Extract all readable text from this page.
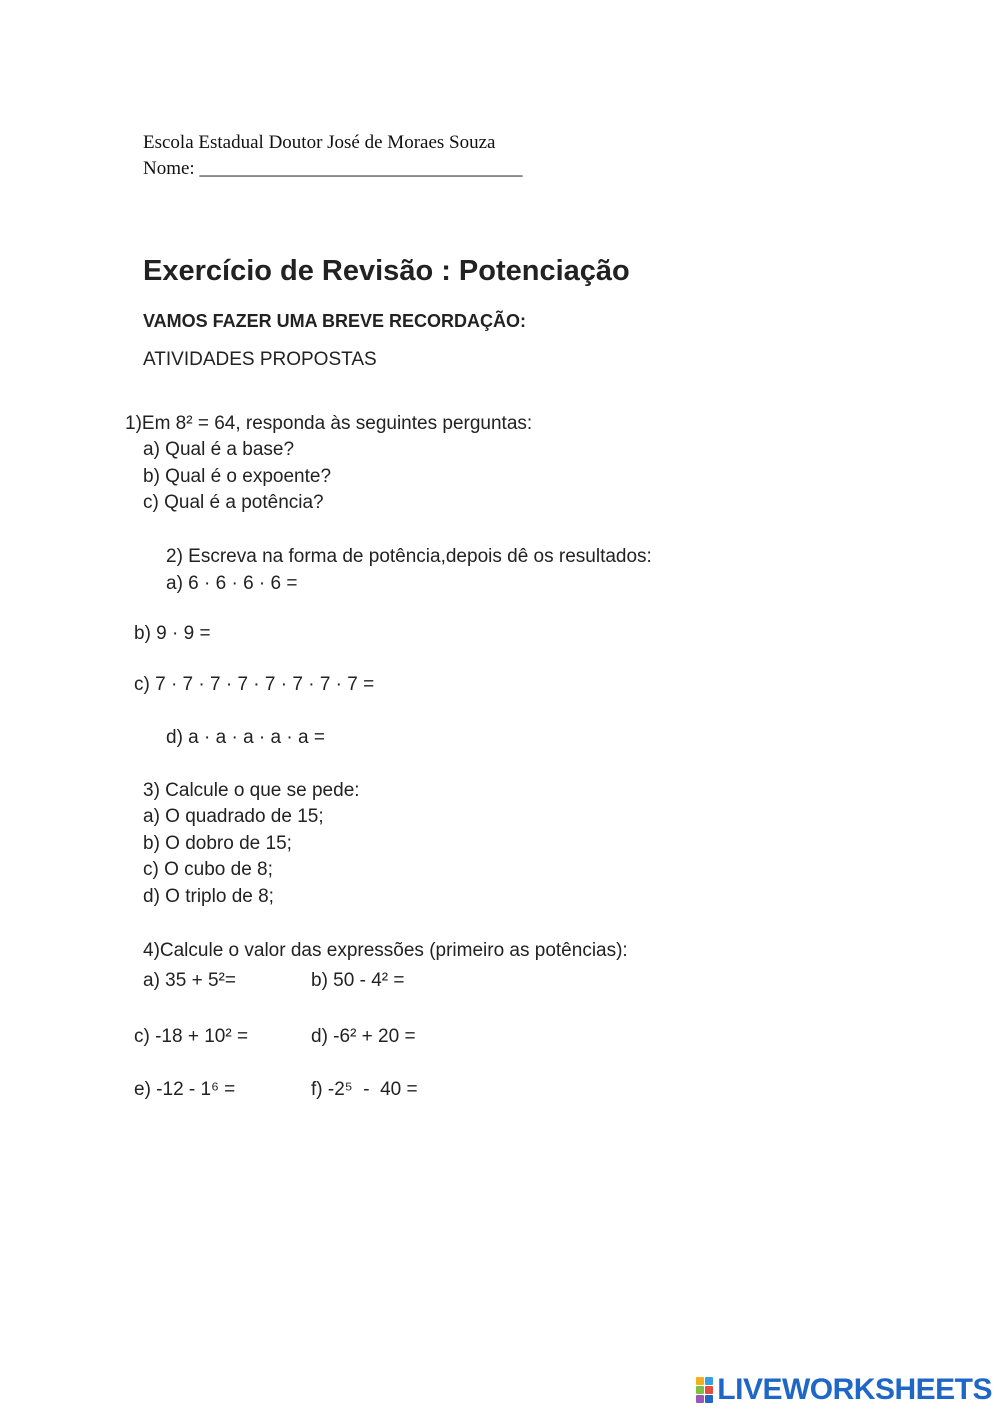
Escola Estadual Doutor José de Moraes Souza
Nome: __________________________________
Exercício de Revisão : Potenciação
VAMOS FAZER UMA BREVE RECORDAÇÃO:
ATIVIDADES PROPOSTAS
1)Em 8² = 64, responda às seguintes perguntas:
a) Qual é a base?
b) Qual é o expoente?
c) Qual é a potência?
2) Escreva na forma de potência,depois dê os resultados:
a) 6 · 6 · 6 · 6 =
b) 9 · 9 =
c) 7 · 7 · 7 · 7 · 7 · 7 · 7 · 7 =
d) a · a · a · a · a =
3) Calcule o que se pede:
a) O quadrado de 15;
b) O dobro de 15;
c) O cubo de 8;
d) O triplo de 8;
4)Calcule o valor das expressões (primeiro as potências):
a) 35 + 5²=	b) 50 - 4² =
c) -18 + 10² =	d) -6² + 20 =
e) -12 - 1⁶ =	f) -2⁵  -  40 =
LIVEWORKSHEETS
